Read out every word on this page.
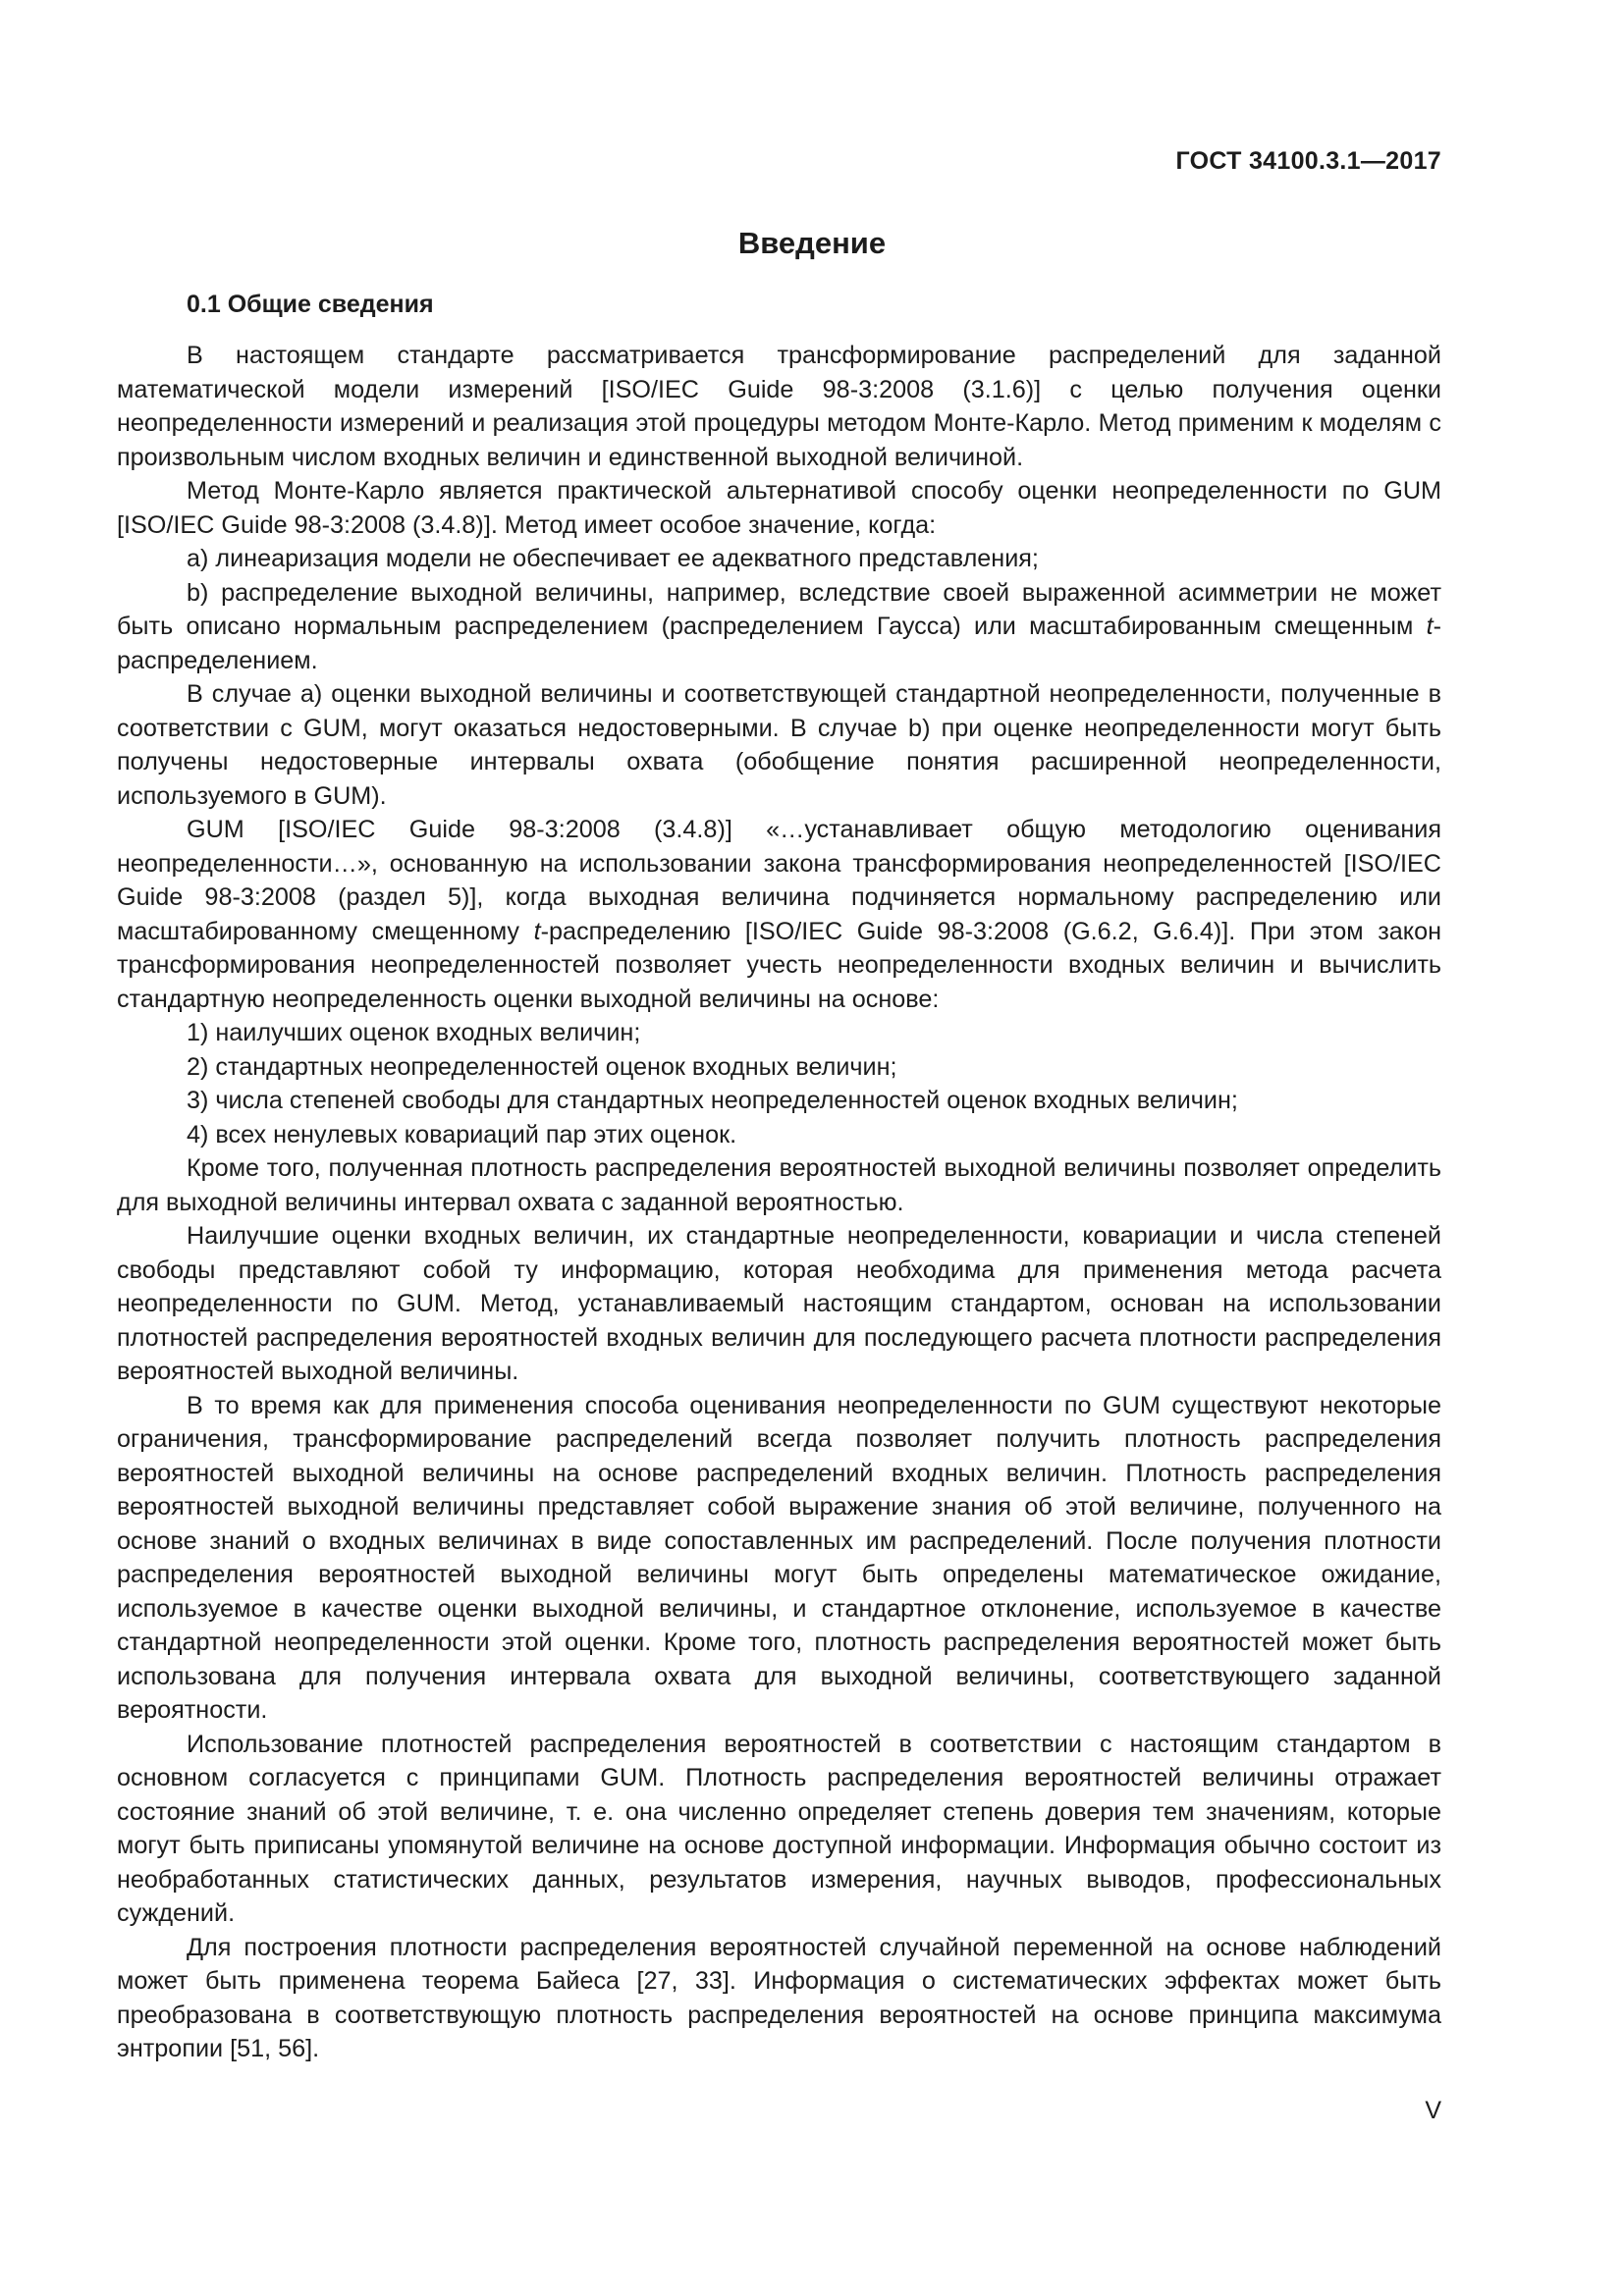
ГОСТ 34100.3.1—2017
Введение
0.1 Общие сведения

В настоящем стандарте рассматривается трансформирование распределений для заданной математической модели измерений [ISO/IEC Guide 98-3:2008 (3.1.6)] с целью получения оценки неопределенности измерений и реализация этой процедуры методом Монте-Карло. Метод применим к моделям с произвольным числом входных величин и единственной выходной величиной.

Метод Монте-Карло является практической альтернативой способу оценки неопределенности по GUM [ISO/IEC Guide 98-3:2008 (3.4.8)]. Метод имеет особое значение, когда:

a) линеаризация модели не обеспечивает ее адекватного представления;

b) распределение выходной величины, например, вследствие своей выраженной асимметрии не может быть описано нормальным распределением (распределением Гаусса) или масштабированным смещенным t-распределением.

В случае a) оценки выходной величины и соответствующей стандартной неопределенности, полученные в соответствии с GUM, могут оказаться недостоверными. В случае b) при оценке неопределенности могут быть получены недостоверные интервалы охвата (обобщение понятия расширенной неопределенности, используемого в GUM).

GUM [ISO/IEC Guide 98-3:2008 (3.4.8)] «…устанавливает общую методологию оценивания неопределенности…», основанную на использовании закона трансформирования неопределенностей [ISO/IEC Guide 98-3:2008 (раздел 5)], когда выходная величина подчиняется нормальному распределению или масштабированному смещенному t-распределению [ISO/IEC Guide 98-3:2008 (G.6.2, G.6.4)]. При этом закон трансформирования неопределенностей позволяет учесть неопределенности входных величин и вычислить стандартную неопределенность оценки выходной величины на основе:

1) наилучших оценок входных величин;

2) стандартных неопределенностей оценок входных величин;

3) числа степеней свободы для стандартных неопределенностей оценок входных величин;

4) всех ненулевых ковариаций пар этих оценок.

Кроме того, полученная плотность распределения вероятностей выходной величины позволяет определить для выходной величины интервал охвата с заданной вероятностью.

Наилучшие оценки входных величин, их стандартные неопределенности, ковариации и числа степеней свободы представляют собой ту информацию, которая необходима для применения метода расчета неопределенности по GUM. Метод, устанавливаемый настоящим стандартом, основан на использовании плотностей распределения вероятностей входных величин для последующего расчета плотности распределения вероятностей выходной величины.

В то время как для применения способа оценивания неопределенности по GUM существуют некоторые ограничения, трансформирование распределений всегда позволяет получить плотность распределения вероятностей выходной величины на основе распределений входных величин. Плотность распределения вероятностей выходной величины представляет собой выражение знания об этой величине, полученного на основе знаний о входных величинах в виде сопоставленных им распределений. После получения плотности распределения вероятностей выходной величины могут быть определены математическое ожидание, используемое в качестве оценки выходной величины, и стандартное отклонение, используемое в качестве стандартной неопределенности этой оценки. Кроме того, плотность распределения вероятностей может быть использована для получения интервала охвата для выходной величины, соответствующего заданной вероятности.

Использование плотностей распределения вероятностей в соответствии с настоящим стандартом в основном согласуется с принципами GUM. Плотность распределения вероятностей величины отражает состояние знаний об этой величине, т. е. она численно определяет степень доверия тем значениям, которые могут быть приписаны упомянутой величине на основе доступной информации. Информация обычно состоит из необработанных статистических данных, результатов измерения, научных выводов, профессиональных суждений.

Для построения плотности распределения вероятностей случайной переменной на основе наблюдений может быть применена теорема Байеса [27, 33]. Информация о систематических эффектах может быть преобразована в соответствующую плотность распределения вероятностей на основе принципа максимума энтропии [51, 56].

V
